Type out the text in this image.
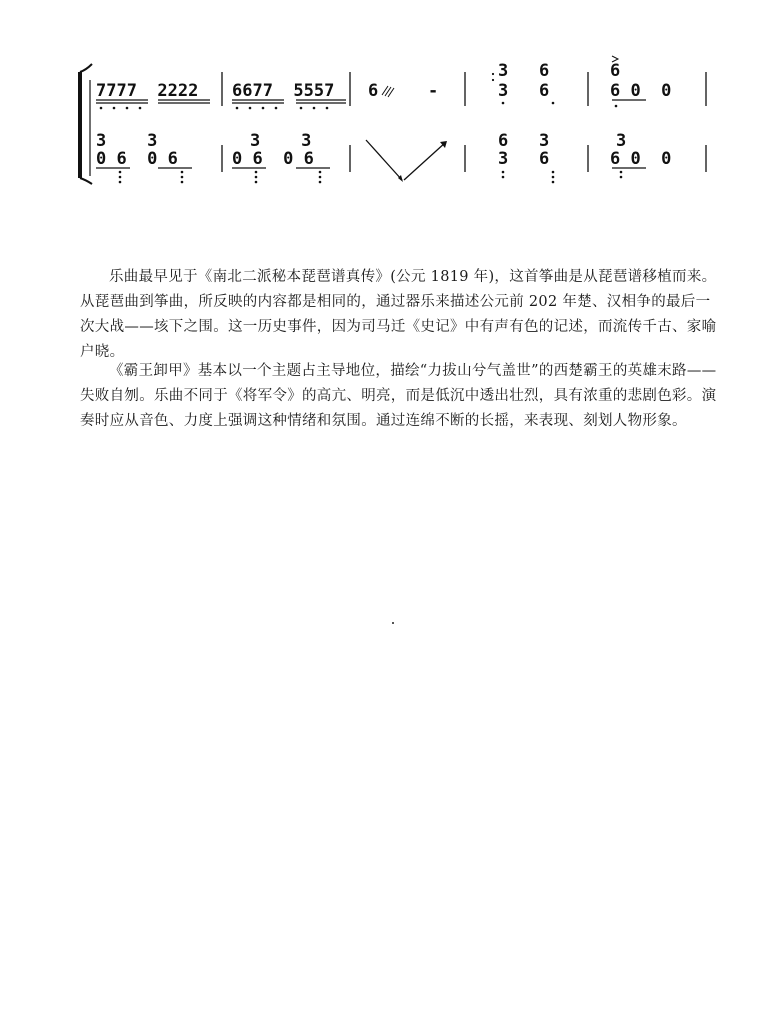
7777  2222 6677  5557 6	-
3   6
3   6
6
6 0  0
3    3
0 6  0 6
3    3
0 6  0 6
6   3
3   6
3
6 0  0

乐曲最早见于《南北二派秘本琵琶谱真传》(公元 1819 年)，这首筝曲是从琵琶谱移植而来。从琵琶曲到筝曲，所反映的内容都是相同的，通过器乐来描述公元前 202 年楚、汉相争的最后一次大战——垓下之围。这一历史事件，因为司马迁《史记》中有声有色的记述，而流传千古、家喻户晓。

《霸王卸甲》基本以一个主题占主导地位，描绘“力拔山兮气盖世”的西楚霸王的英雄末路——失败自刎。乐曲不同于《将军令》的高亢、明亮，而是低沉中透出壮烈，具有浓重的悲剧色彩。演奏时应从音色、力度上强调这种情绪和氛围。通过连绵不断的长摇，来表现、刻划人物形象。
